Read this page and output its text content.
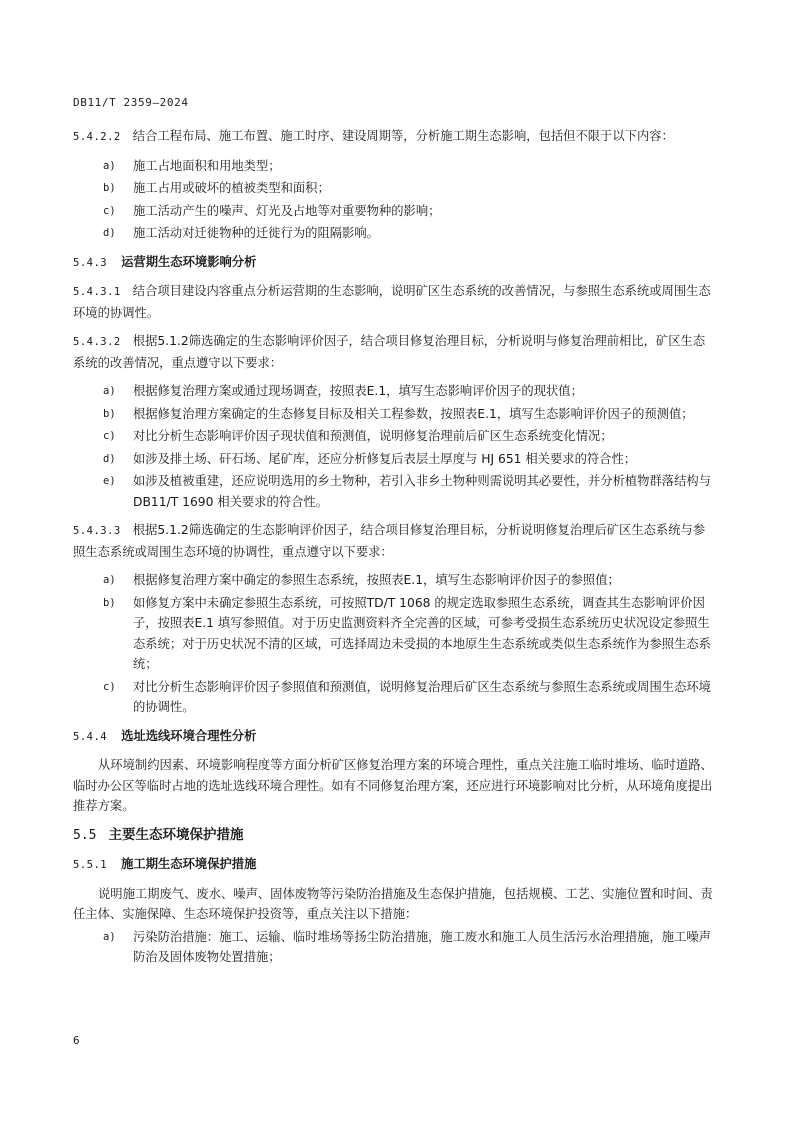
DB11/T 2359—2024

5.4.2.2 结合工程布局、施工布置、施工时序、建设周期等，分析施工期生态影响，包括但不限于以下内容：

a) 施工占地面积和用地类型；
b) 施工占用或破坏的植被类型和面积；
c) 施工活动产生的噪声、灯光及占地等对重要物种的影响；
d) 施工活动对迁徙物种的迁徙行为的阻隔影响。

5.4.3 运营期生态环境影响分析

5.4.3.1 结合项目建设内容重点分析运营期的生态影响，说明矿区生态系统的改善情况，与参照生态系统或周围生态环境的协调性。

5.4.3.2 根据5.1.2筛选确定的生态影响评价因子，结合项目修复治理目标，分析说明与修复治理前相比，矿区生态系统的改善情况，重点遵守以下要求：

a) 根据修复治理方案或通过现场调查，按照表E.1，填写生态影响评价因子的现状值；
b) 根据修复治理方案确定的生态修复目标及相关工程参数，按照表E.1，填写生态影响评价因子的预测值；
c) 对比分析生态影响评价因子现状值和预测值，说明修复治理前后矿区生态系统变化情况；
d) 如涉及排土场、矸石场、尾矿库，还应分析修复后表层土厚度与 HJ 651 相关要求的符合性；
e) 如涉及植被重建，还应说明选用的乡土物种，若引入非乡土物种则需说明其必要性，并分析植物群落结构与DB11/T 1690 相关要求的符合性。

5.4.3.3 根据5.1.2筛选确定的生态影响评价因子，结合项目修复治理目标，分析说明修复治理后矿区生态系统与参照生态系统或周围生态环境的协调性，重点遵守以下要求：

a) 根据修复治理方案中确定的参照生态系统，按照表E.1，填写生态影响评价因子的参照值；
b) 如修复方案中未确定参照生态系统，可按照TD/T 1068 的规定选取参照生态系统，调查其生态影响评价因子，按照表E.1 填写参照值。对于历史监测资料齐全完善的区域，可参考受损生态系统历史状况设定参照生态系统；对于历史状况不清的区域，可选择周边未受损的本地原生生态系统或类似生态系统作为参照生态系统；
c) 对比分析生态影响评价因子参照值和预测值，说明修复治理后矿区生态系统与参照生态系统或周围生态环境的协调性。

5.4.4 选址选线环境合理性分析

从环境制约因素、环境影响程度等方面分析矿区修复治理方案的环境合理性，重点关注施工临时堆场、临时道路、临时办公区等临时占地的选址选线环境合理性。如有不同修复治理方案，还应进行环境影响对比分析，从环境角度提出推荐方案。

5.5 主要生态环境保护措施

5.5.1 施工期生态环境保护措施

说明施工期废气、废水、噪声、固体废物等污染防治措施及生态保护措施，包括规模、工艺、实施位置和时间、责任主体、实施保障、生态环境保护投资等，重点关注以下措施：

a) 污染防治措施：施工、运输、临时堆场等扬尘防治措施，施工废水和施工人员生活污水治理措施，施工噪声防治及固体废物处置措施；
6
